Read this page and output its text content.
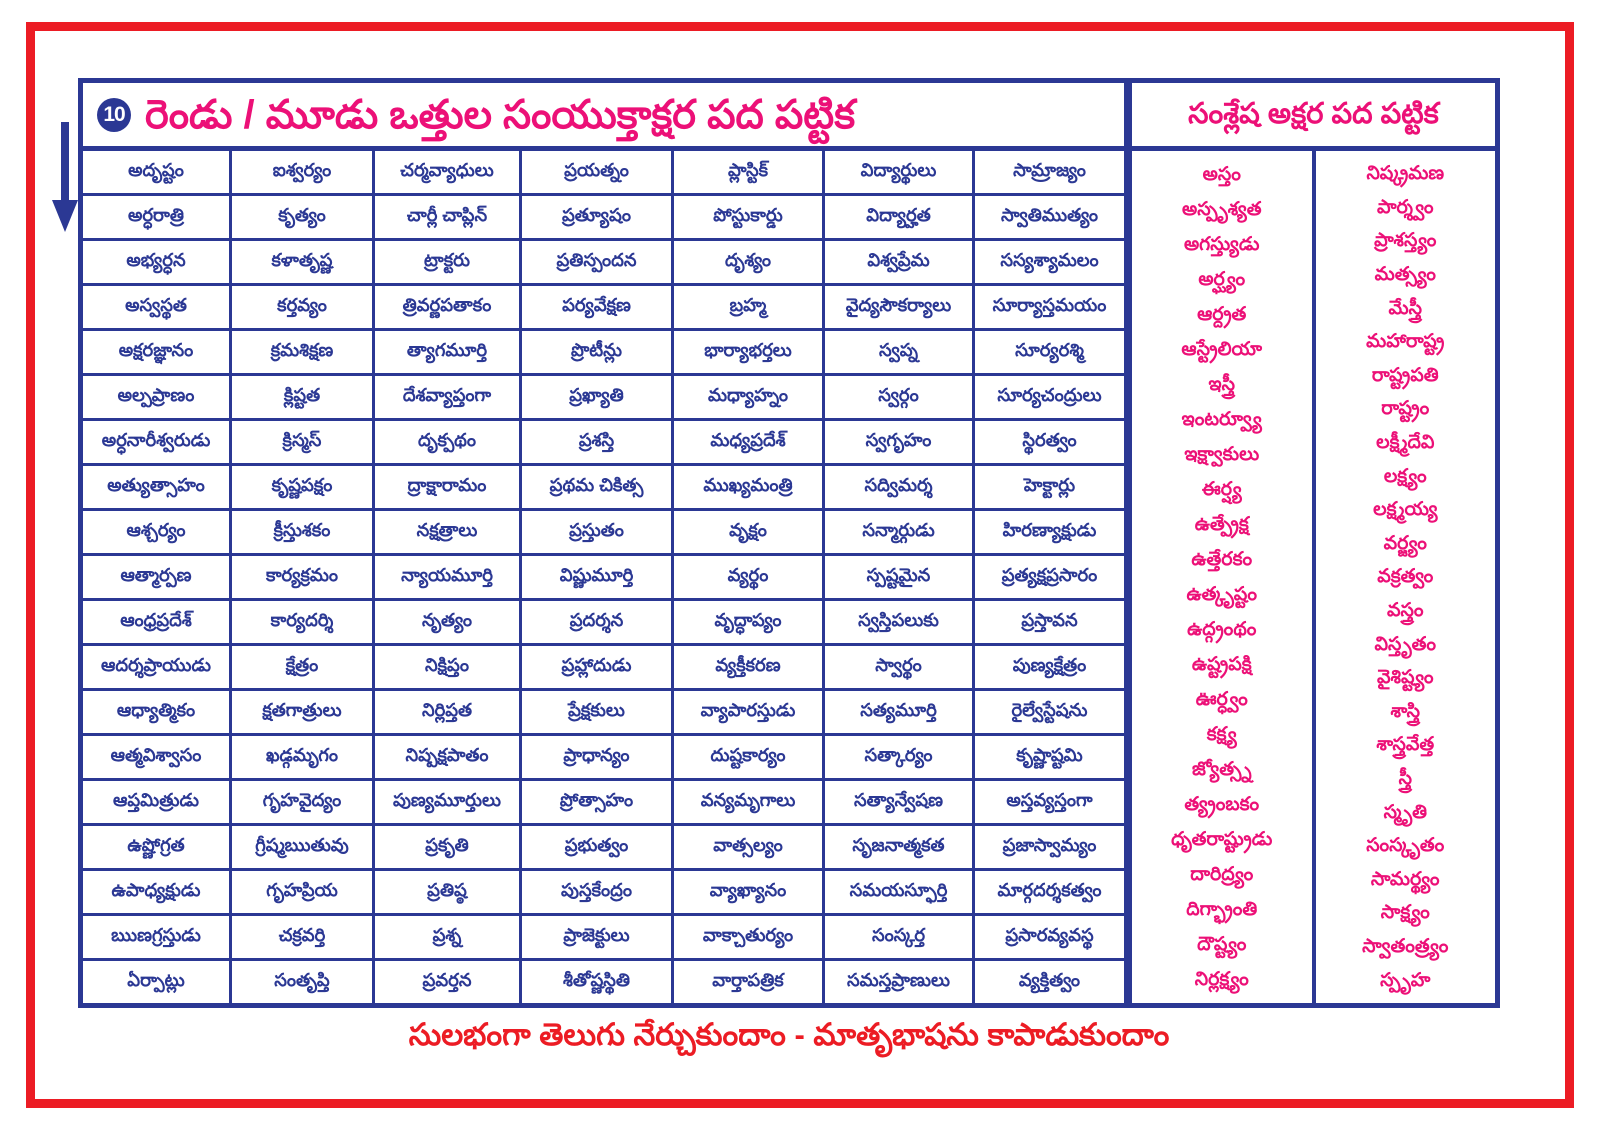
10 రెండు / మూడు ఒత్తుల సంయుక్తాక్షర పద పట్టిక	సంశ్లేష అక్షర పద పట్టిక
అదృష్టం	ఐశ్వర్యం	చర్మవ్యాధులు	ప్రయత్నం	ప్లాస్టిక్	విద్యార్థులు	సామ్రాజ్యం
అర్ధరాత్రి	కృత్యం	చార్లీ చాప్లిన్	ప్రత్యూషం	పోస్టుకార్డు	విద్యార్హత	స్వాతిముత్యం
అభ్యర్ధన	కళాతృష్ణ	ట్రాక్టరు	ప్రతిస్పందన	దృశ్యం	విశ్వప్రేమ	సస్యశ్యామలం
అస్వస్థత	కర్తవ్యం	త్రివర్ణపతాకం	పర్యవేక్షణ	బ్రహ్మ	వైద్యసౌకర్యాలు	సూర్యాస్తమయం
అక్షరజ్ఞానం	క్రమశిక్షణ	త్యాగమూర్తి	ప్రొటీన్లు	భార్యాభర్తలు	స్వప్న	సూర్యరశ్మి
అల్పప్రాణం	క్లిష్టత	దేశవ్యాప్తంగా	ప్రఖ్యాతి	మధ్యాహ్నం	స్వర్గం	సూర్యచంద్రులు
అర్ధనారీశ్వరుడు	క్రిస్మస్	దృక్పథం	ప్రశస్తి	మధ్యప్రదేశ్	స్వగృహం	స్థిరత్వం
అత్యుత్సాహం	కృష్ణపక్షం	ద్రాక్షారామం	ప్రథమ చికిత్స	ముఖ్యమంత్రి	సద్విమర్శ	హెక్టార్లు
ఆశ్చర్యం	క్రీస్తుశకం	నక్షత్రాలు	ప్రస్తుతం	వృక్షం	సన్మార్గుడు	హిరణ్యాక్షుడు
ఆత్మార్పణ	కార్యక్రమం	న్యాయమూర్తి	విష్ణుమూర్తి	వ్యర్థం	స్పష్టమైన	ప్రత్యక్షప్రసారం
ఆంధ్రప్రదేశ్	కార్యదర్శి	నృత్యం	ప్రదర్శన	వృద్ధాప్యం	స్వస్తిపలుకు	ప్రస్తావన
ఆదర్శప్రాయుడు	క్షేత్రం	నిక్షిప్తం	ప్రహ్లాదుడు	వ్యక్తీకరణ	స్వార్థం	పుణ్యక్షేత్రం
ఆధ్యాత్మికం	క్షతగాత్రులు	నిర్లిప్తత	ప్రేక్షకులు	వ్యాపారస్తుడు	సత్యమూర్తి	రైల్వేస్టేషను
ఆత్మవిశ్వాసం	ఖడ్గమృగం	నిష్పక్షపాతం	ప్రాధాన్యం	దుష్టకార్యం	సత్కార్యం	కృష్ణాష్టమి
ఆప్తమిత్రుడు	గృహవైద్యం	పుణ్యమూర్తులు	ప్రోత్సాహం	వన్యమృగాలు	సత్యాన్వేషణ	అస్తవ్యస్తంగా
ఉష్ణోగ్రత	గ్రీష్మఋతువు	ప్రకృతి	ప్రభుత్వం	వాత్సల్యం	సృజనాత్మకత	ప్రజాస్వామ్యం
ఉపాధ్యక్షుడు	గృహప్రియ	ప్రతిష్ఠ	పుస్తకేంద్రం	వ్యాఖ్యానం	సమయస్ఫూర్తి	మార్గదర్శకత్వం
ఋణగ్రస్తుడు	చక్రవర్తి	ప్రశ్న	ప్రాజెక్టులు	వాక్చాతుర్యం	సంస్కర్త	ప్రసారవ్యవస్థ
ఏర్పాట్లు	సంతృప్తి	ప్రవర్తన	శీతోష్ణస్థితి	వార్తాపత్రిక	సమస్తప్రాణులు	వ్యక్తిత్వం
అస్తం
అస్పృశ్యత
అగస్త్యుడు
అర్ఘ్యం
ఆర్ద్రత
ఆస్ట్రేలియా
ఇస్త్రీ
ఇంటర్వ్యూ
ఇక్ష్వాకులు
ఈర్ష్య
ఉత్ప్రేక్ష
ఉత్తేరకం
ఉత్కృష్టం
ఉద్గ్రంథం
ఉష్ట్రపక్షి
ఊర్ధ్వం
కక్ష్య
జ్యోత్స్న
త్య్రంబకం
ధృతరాష్ట్రుడు
దారిద్ర్యం
దిగ్భ్రాంతి
దౌష్ట్యం
నిర్లక్ష్యం
నిష్క్రమణ
పార్శ్వం
ప్రాశస్త్యం
మత్స్యం
మేస్త్రీ
మహారాష్ట్ర
రాష్ట్రపతి
రాష్ట్రం
లక్ష్మీదేవి
లక్ష్యం
లక్ష్మయ్య
వర్జ్యం
వక్రత్వం
వస్త్రం
విస్తృతం
వైశిష్ట్యం
శాస్త్రి
శాస్త్రవేత్త
స్త్రీ
స్మృతి
సంస్కృతం
సామర్థ్యం
సాక్ష్యం
స్వాతంత్ర్యం
స్పృహ
సులభంగా తెలుగు నేర్చుకుందాం - మాతృభాషను కాపాడుకుందాం
